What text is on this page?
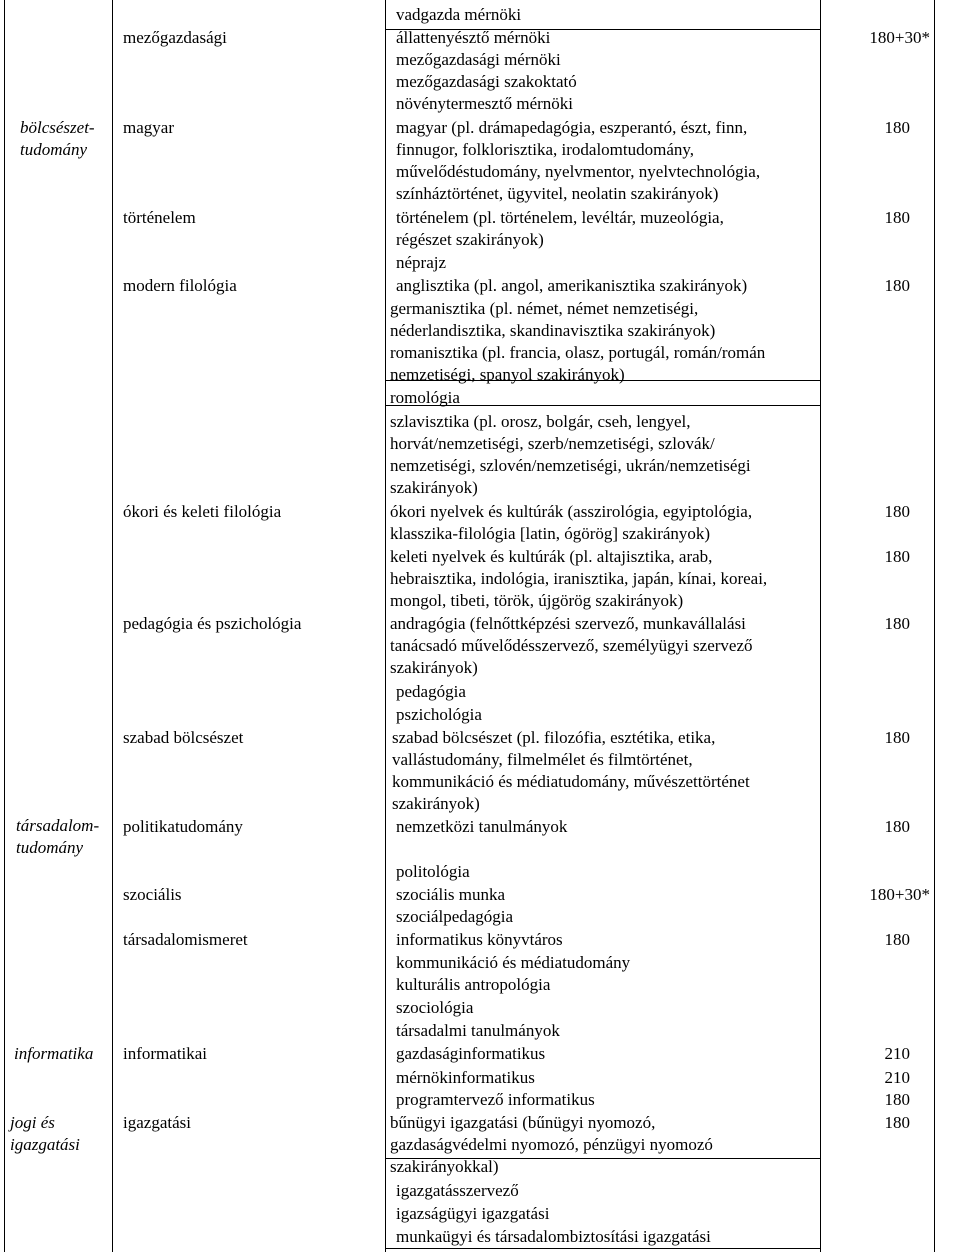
bölcsészet-
tudomány
társadalom-
tudomány
informatika
jogi és
igazgatási
mezőgazdasági
magyar
történelem
modern filológia
ókori és keleti filológia
pedagógia és pszichológia
szabad bölcsészet
politikatudomány
szociális
társadalomismeret
informatikai
igazgatási
vadgazda mérnöki
állattenyésztő mérnöki
mezőgazdasági mérnöki
mezőgazdasági szakoktató
növénytermesztő mérnöki
magyar (pl. drámapedagógia, eszperantó, észt, finn,
finnugor, folklorisztika, irodalomtudomány,
művelődéstudomány, nyelvmentor, nyelvtechnológia,
színháztörténet, ügyvitel, neolatin szakirányok)
történelem (pl. történelem, levéltár, muzeológia,
régészet szakirányok)
néprajz
anglisztika (pl. angol, amerikanisztika szakirányok)
germanisztika (pl. német, német nemzetiségi,
néderlandisztika, skandinavisztika szakirányok)
romanisztika (pl. francia, olasz, portugál, román/román
nemzetiségi, spanyol szakirányok)
romológia
szlavisztika (pl. orosz, bolgár, cseh, lengyel,
horvát/nemzetiségi, szerb/nemzetiségi, szlovák/
nemzetiségi, szlovén/nemzetiségi, ukrán/nemzetiségi
szakirányok)
ókori nyelvek és kultúrák (asszirológia, egyiptológia,
klasszika-filológia [latin, ógörög] szakirányok)
keleti nyelvek és kultúrák (pl. altajisztika, arab,
hebraisztika, indológia, iranisztika, japán, kínai, koreai,
mongol, tibeti, török, újgörög szakirányok)
andragógia (felnőttképzési szervező, munkavállalási
tanácsadó művelődésszervező, személyügyi szervező
szakirányok)
pedagógia
pszichológia
szabad bölcsészet (pl. filozófia, esztétika, etika,
vallástudomány, filmelmélet és filmtörténet,
kommunikáció és médiatudomány, művészettörténet
szakirányok)
nemzetközi tanulmányok
politológia
szociális munka
szociálpedagógia
informatikus könyvtáros
kommunikáció és médiatudomány
kulturális antropológia
szociológia
társadalmi tanulmányok
gazdaságinformatikus
mérnökinformatikus
programtervező informatikus
bűnügyi igazgatási (bűnügyi nyomozó,
gazdaságvédelmi nyomozó, pénzügyi nyomozó
szakirányokkal)
igazgatásszervező
igazságügyi igazgatási
munkaügyi és társadalombiztosítási igazgatási
180+30*
180
180
180
180
180
180
180
180
180+30*
180
210
210
180
180
